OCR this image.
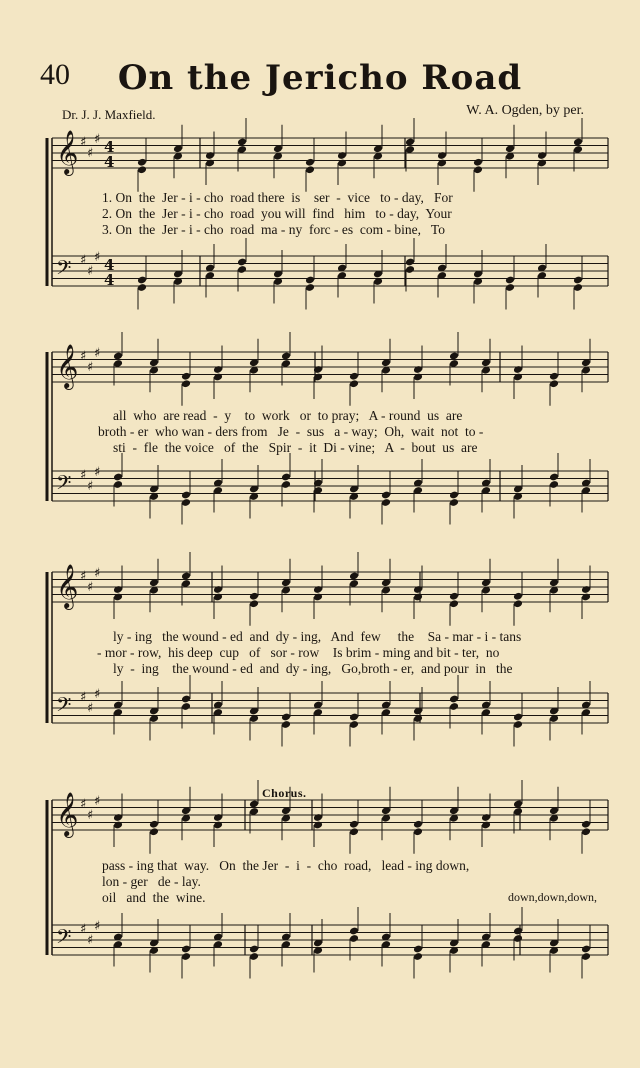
40	On the Jericho Road
Dr. J. J. Maxfield.	W. A. Ogden, by per.
𝄞 ♯
♯
♯ 4
4
𝄢 ♯
♯
♯ 4
4
𝄞 ♯
♯
♯
𝄢 ♯
♯
♯
𝄞 ♯
♯
♯
𝄢 ♯
♯
♯
𝄞 ♯
♯
♯
𝄢 ♯
♯
♯
1. On  the  Jer - i - cho  road there  is    ser  -  vice   to - day,   For
2. On  the  Jer - i - cho  road  you will  find   him   to - day,  Your
3. On  the  Jer - i - cho  road  ma - ny  forc - es  com - bine,   To
all  who  are read  -  y    to  work   or  to pray;   A - round  us  are
broth - er  who wan - ders from   Je  -  sus   a - way;  Oh,  wait  not  to -
sti  -  fle  the voice   of  the   Spir  -  it  Di - vine;   A  -  bout  us  are
ly - ing   the wound - ed  and  dy - ing,   And  few     the    Sa - mar - i - tans
- mor - row,  his deep  cup   of   sor - row    Is brim - ming and bit - ter,  no
ly  -  ing    the wound - ed  and  dy - ing,   Go,broth - er,  and pour  in   the
Chorus.
pass - ing that  way.   On  the Jer  -  i  -  cho  road,   lead - ing down,
lon - ger   de - lay.
oil   and  the  wine.	down,down,down,
